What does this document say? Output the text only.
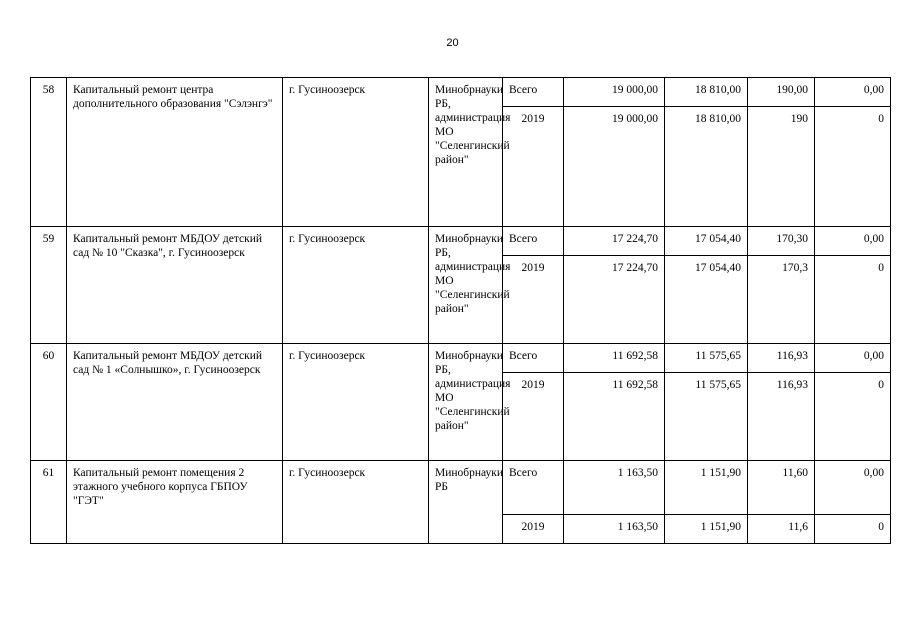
20
58	Капитальный ремонт центра дополнительного образования "Сэлэнгэ"	г. Гусиноозерск	Минобрнауки РБ, администрация МО "Селенгинский район"	Всего	19 000,00	18 810,00	190,00	0,00
				2019	19 000,00	18 810,00	190	0
59	Капитальный ремонт МБДОУ детский сад № 10 "Сказка", г. Гусиноозерск	г. Гусиноозерск	Минобрнауки РБ, администрация МО "Селенгинский район"	Всего	17 224,70	17 054,40	170,30	0,00
				2019	17 224,70	17 054,40	170,3	0
60	Капитальный ремонт МБДОУ детский сад № 1 «Солнышко», г. Гусиноозерск	г. Гусиноозерск	Минобрнауки РБ, администрация МО "Селенгинский район"	Всего	11 692,58	11 575,65	116,93	0,00
				2019	11 692,58	11 575,65	116,93	0
61	Капитальный ремонт помещения 2 этажного учебного корпуса ГБПОУ "ГЭТ"	г. Гусиноозерск	Минобрнауки РБ	Всего	1 163,50	1 151,90	11,60	0,00
				2019	1 163,50	1 151,90	11,6	0
